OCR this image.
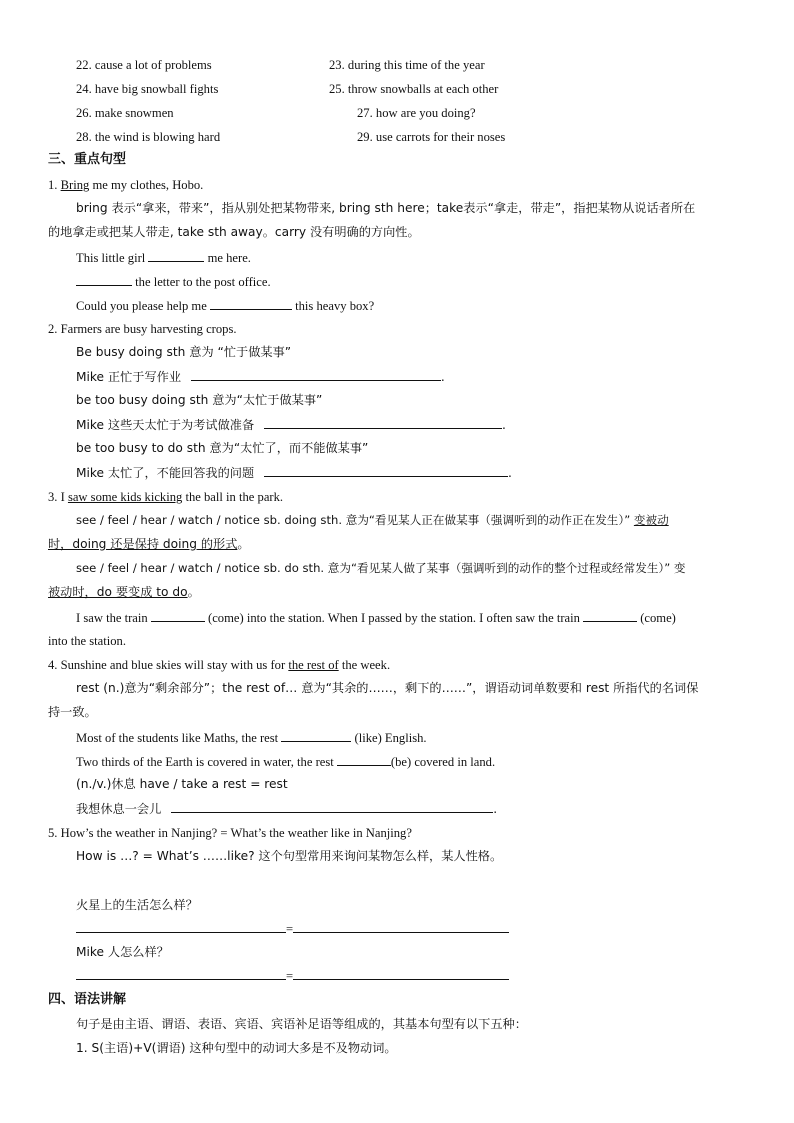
22. cause a lot of problems	23. during this time of the year
24. have big snowball fights	25. throw snowballs at each other
26. make snowmen	27. how are you doing?
28. the wind is blowing hard	29. use carrots for their noses
三、重点句型
1. Bring me my clothes, Hobo.
bring 表示“拿来，带来”，指从别处把某物带来, bring sth here；take表示“拿走，带走”，指把某物从说话者所在
的地拿走或把某人带走, take sth away。carry 没有明确的方向性。
This little girl	me here.
the letter to the post office.
Could you please help me	this heavy box?
2. Farmers are busy harvesting crops.
Be busy doing sth 意为 “忙于做某事”
Mike 正忙于写作业	.
be too busy doing sth 意为“太忙于做某事”
Mike 这些天太忙于为考试做准备	.
be too busy to do sth 意为“太忙了，而不能做某事”
Mike 太忙了，不能回答我的问题	.
3. I saw some kids kicking the ball in the park.
see / feel / hear / watch / notice sb. doing sth. 意为“看见某人正在做某事（强调听到的动作正在发生）” 变被动
时，doing 还是保持 doing 的形式。
see / feel / hear / watch / notice sb. do sth. 意为“看见某人做了某事（强调听到的动作的整个过程或经常发生）” 变
被动时，do 要变成 to do。
I saw the train	(come) into the station. When I passed by the station. I often saw the train	(come)
into the station.
4. Sunshine and blue skies will stay with us for the rest of the week.
rest (n.)意为“剩余部分”；the rest of… 意为“其余的……，剩下的……”，谓语动词单数要和 rest 所指代的名词保
持一致。
Most of the students like Maths, the rest	(like) English.
Two thirds of the Earth is covered in water, the rest	(be) covered in land.
(n./v.)休息 have / take a rest = rest
我想休息一会儿	.
5. How’s the weather in Nanjing? = What’s the weather like in Nanjing?
How is …? = What’s ……like? 这个句型常用来询问某物怎么样，某人性格。
火星上的生活怎么样？
=
Mike 人怎么样？
=
四、语法讲解
句子是由主语、谓语、表语、宾语、宾语补足语等组成的，其基本句型有以下五种：
1. S(主语)+V(谓语) 这种句型中的动词大多是不及物动词。
